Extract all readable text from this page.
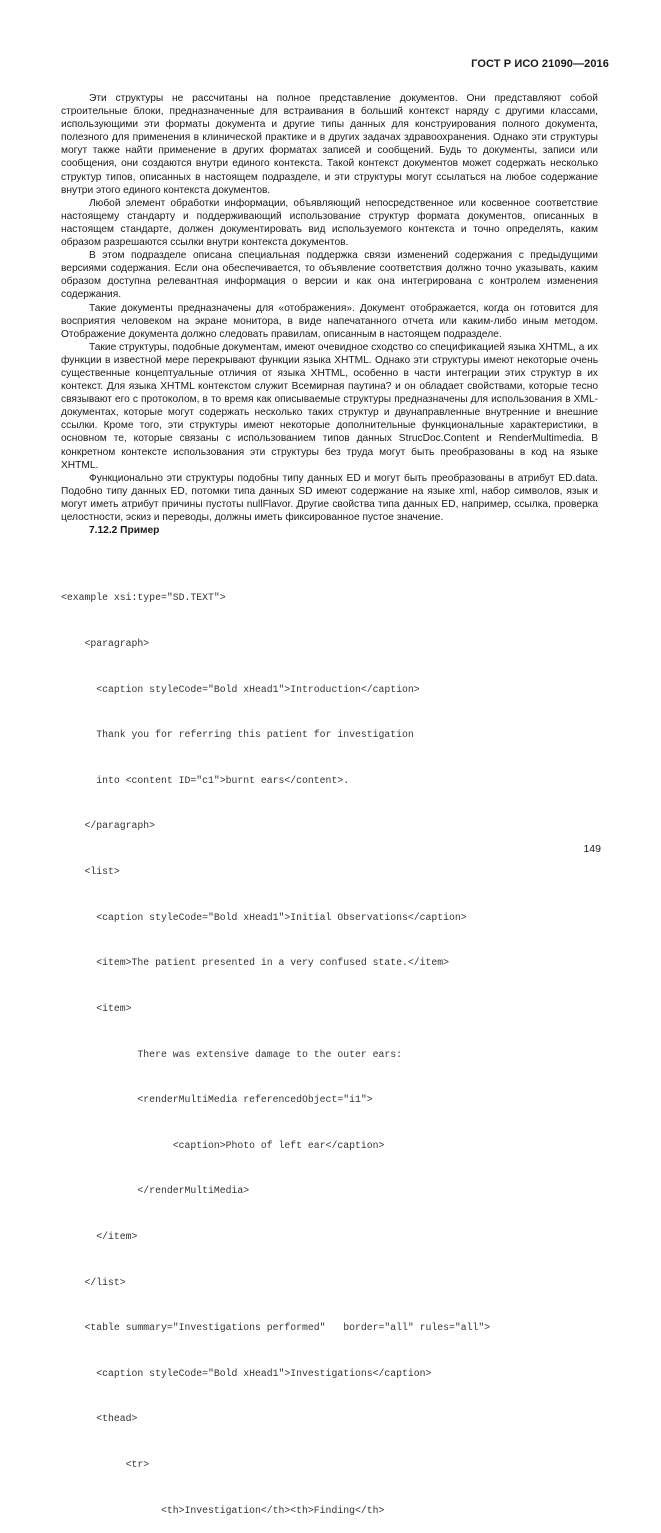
ГОСТ Р ИСО 21090—2016

Эти структуры не рассчитаны на полное представление документов. Они представляют собой строительные блоки, предназначенные для встраивания в больший контекст наряду с другими классами, использующими эти форматы документа и другие типы данных для конструирования полного документа, полезного для применения в клинической практике и в других задачах здравоохранения. Однако эти структуры могут также найти применение в других форматах записей и сообщений. Будь то документы, записи или сообщения, они создаются внутри единого контекста. Такой контекст документов может содержать несколько структур типов, описанных в настоящем подразделе, и эти структуры могут ссылаться на любое содержание внутри этого единого контекста документов.

Любой элемент обработки информации, объявляющий непосредственное или косвенное соответствие настоящему стандарту и поддерживающий использование структур формата документов, описанных в настоящем стандарте, должен документировать вид используемого контекста и точно определять, каким образом разрешаются ссылки внутри контекста документов.

В этом подразделе описана специальная поддержка связи изменений содержания с предыдущими версиями содержания. Если она обеспечивается, то объявление соответствия должно точно указывать, каким образом доступна релевантная информация о версии и как она интегрирована с контролем изменения содержания.

Такие документы предназначены для «отображения». Документ отображается, когда он готовится для восприятия человеком на экране монитора, в виде напечатанного отчета или каким-либо иным методом. Отображение документа должно следовать правилам, описанным в настоящем подразделе.

Такие структуры, подобные документам, имеют очевидное сходство со спецификацией языка XHTML, а их функции в известной мере перекрывают функции языка XHTML. Однако эти структуры имеют некоторые очень существенные концептуальные отличия от языка XHTML, особенно в части интеграции этих структур в их контекст. Для языка XHTML контекстом служит Всемирная паутина? и он обладает свойствами, которые тесно связывают его с протоколом, в то время как описываемые структуры предназначены для использования в XML-документах, которые могут содержать несколько таких структур и двунаправленные внутренние и внешние ссылки. Кроме того, эти структуры имеют некоторые дополнительные функциональные характеристики, в основном те, которые связаны с использованием типов данных StrucDoc.Content и RenderMultimedia. В конкретном контексте использования эти структуры без труда могут быть преобразованы в код на языке XHTML.

Функционально эти структуры подобны типу данных ED и могут быть преобразованы в атрибут ED.data. Подобно типу данных ED, потомки типа данных SD имеют содержание на языке xml, набор символов, язык и могут иметь атрибут причины пустоты nullFlavor. Другие свойства типа данных ED, например, ссылка, проверка целостности, эскиз и переводы, должны иметь фиксированное пустое значение.

7.12.2 Пример

<example xsi:type="SD.TEXT">

<paragraph>

<caption styleCode="Bold xHead1">Introduction</caption>

Thank you for referring this patient for investigation

into <content ID="c1">burnt ears</content>.

</paragraph>

<list>

<caption styleCode="Bold xHead1">Initial Observations</caption>

<item>The patient presented in a very confused state.</item>

<item>

There was extensive damage to the outer ears:

<renderMultiMedia referencedObject="i1">

<caption>Photo of left ear</caption>

</renderMultiMedia>

</item>

</list>

<table summary="Investigations performed"   border="all" rules="all">

<caption styleCode="Bold xHead1">Investigations</caption>

<thead>

<tr>

<th>Investigation</th><th>Finding</th>

149
